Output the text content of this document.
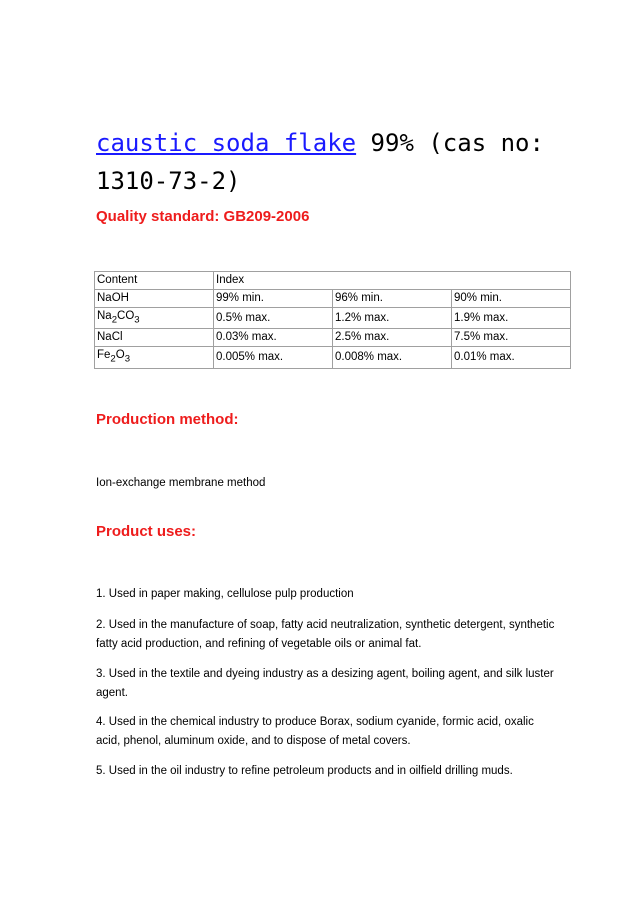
caustic soda flake 99% (cas no: 1310-73-2)
Quality standard: GB209-2006
Content	Index		
NaOH	99% min.	96% min.	90% min.
$Na_2CO_3$	0.5% max.	1.2% max.	1.9% max.
NaCl	0.03% max.	2.5% max.	7.5% max.
$Fe_2O_3$	0.005% max.	0.008% max.	0.01% max.
Production method:

Ion-exchange membrane method

Product uses:

1. Used in paper making, cellulose pulp production

2. Used in the manufacture of soap, fatty acid neutralization, synthetic detergent, synthetic fatty acid production, and refining of vegetable oils or animal fat.

3. Used in the textile and dyeing industry as a desizing agent, boiling agent, and silk luster agent.

4. Used in the chemical industry to produce Borax, sodium cyanide, formic acid, oxalic acid, phenol, aluminum oxide, and to dispose of metal covers.

5. Used in the oil industry to refine petroleum products and in oilfield drilling muds.
